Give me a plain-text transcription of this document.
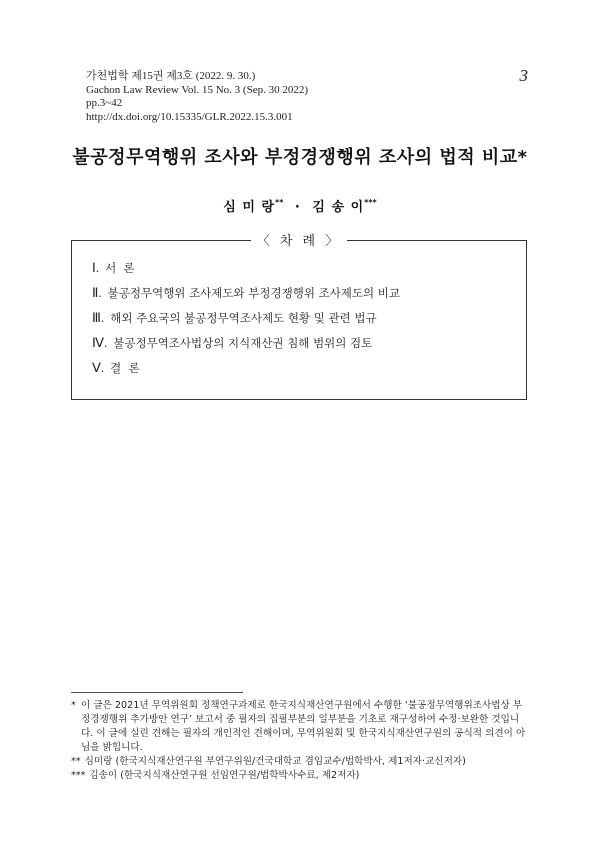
가천법학 제15권 제3호 (2022. 9. 30.)
Gachon Law Review Vol. 15 No. 3 (Sep. 30 2022)
pp.3~42
http://dx.doi.org/10.15335/GLR.2022.15.3.001
3
불공정무역행위 조사와 부정경쟁행위 조사의 법적 비교*
심 미 랑** · 김 송 이***
〈 차 례 〉
Ⅰ. 서  론
Ⅱ. 불공정무역행위 조사제도와 부정경쟁행위 조사제도의 비교
Ⅲ. 해외 주요국의 불공정무역조사제도 현황 및 관련 법규
Ⅳ. 불공정무역조사법상의 지식재산권 침해 범위의 검토
Ⅴ. 결  론
* 이 글은 2021년 무역위원회 정책연구과제로 한국지식재산연구원에서 수행한 ‘불공정무역행위조사법상 부정경쟁행위 추가방안 연구’ 보고서 중 필자의 집필부분의 일부분을 기초로 재구성하여 수정·보완한 것입니다. 이 글에 실린 견해는 필자의 개인적인 견해이며, 무역위원회 및 한국지식재산연구원의 공식적 의견이 아님을 밝힙니다.
** 심미랑 (한국지식재산연구원 부연구위원/건국대학교 겸임교수/법학박사, 제1저자·교신저자)
*** 김송이 (한국지식재산연구원 선임연구원/법학박사수료, 제2저자)
